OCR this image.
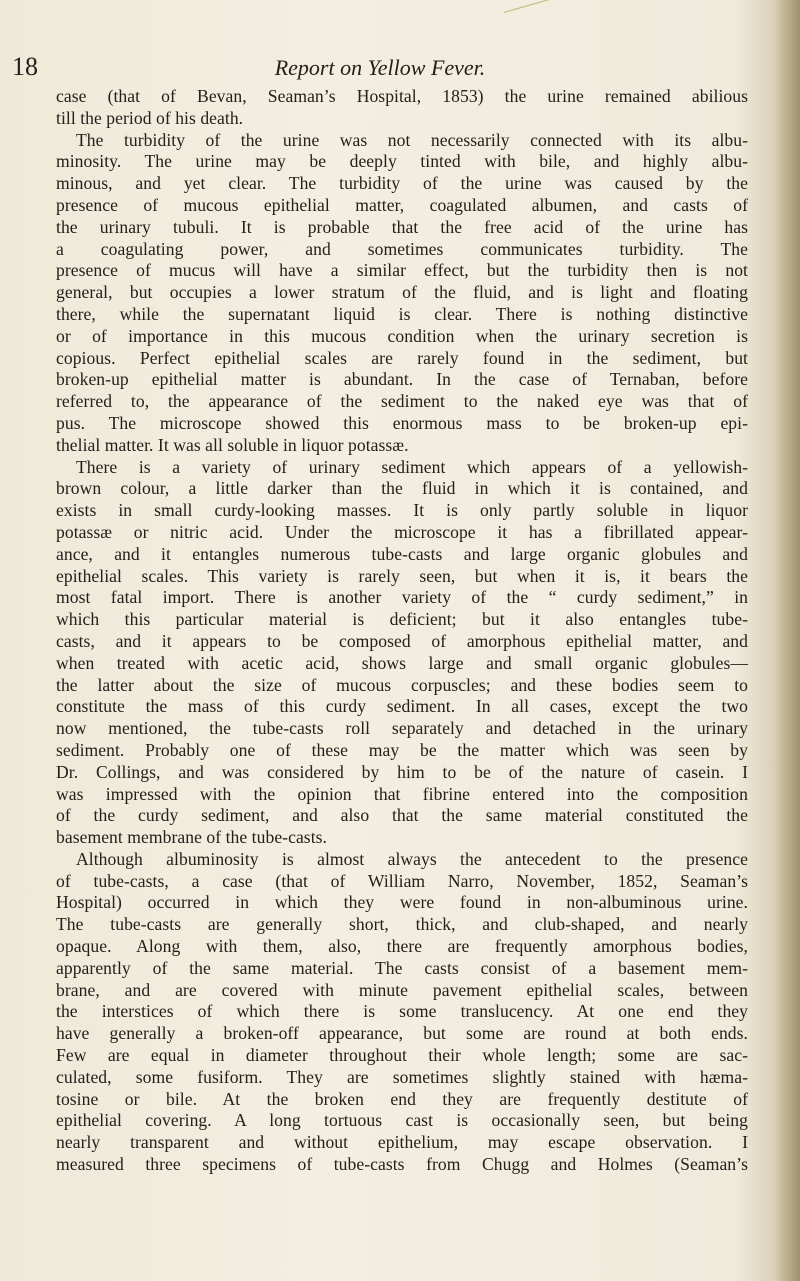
18	Report on Yellow Fever.
case (that of Bevan, Seaman’s Hospital, 1853) the urine remained abilious
till the period of his death.
The turbidity of the urine was not necessarily connected with its albu-
minosity. The urine may be deeply tinted with bile, and highly albu-
minous, and yet clear. The turbidity of the urine was caused by the
presence of mucous epithelial matter, coagulated albumen, and casts of
the urinary tubuli. It is probable that the free acid of the urine has
a coagulating power, and sometimes communicates turbidity. The
presence of mucus will have a similar effect, but the turbidity then is not
general, but occupies a lower stratum of the fluid, and is light and floating
there, while the supernatant liquid is clear. There is nothing distinctive
or of importance in this mucous condition when the urinary secretion is
copious. Perfect epithelial scales are rarely found in the sediment, but
broken-up epithelial matter is abundant. In the case of Ternaban, before
referred to, the appearance of the sediment to the naked eye was that of
pus. The microscope showed this enormous mass to be broken-up epi-
thelial matter. It was all soluble in liquor potassæ.
There is a variety of urinary sediment which appears of a yellowish-
brown colour, a little darker than the fluid in which it is contained, and
exists in small curdy-looking masses. It is only partly soluble in liquor
potassæ or nitric acid. Under the microscope it has a fibrillated appear-
ance, and it entangles numerous tube-casts and large organic globules and
epithelial scales. This variety is rarely seen, but when it is, it bears the
most fatal import. There is another variety of the “ curdy sediment,” in
which this particular material is deficient; but it also entangles tube-
casts, and it appears to be composed of amorphous epithelial matter, and
when treated with acetic acid, shows large and small organic globules—
the latter about the size of mucous corpuscles; and these bodies seem to
constitute the mass of this curdy sediment. In all cases, except the two
now mentioned, the tube-casts roll separately and detached in the urinary
sediment. Probably one of these may be the matter which was seen by
Dr. Collings, and was considered by him to be of the nature of casein. I
was impressed with the opinion that fibrine entered into the composition
of the curdy sediment, and also that the same material constituted the
basement membrane of the tube-casts.
Although albuminosity is almost always the antecedent to the presence
of tube-casts, a case (that of William Narro, November, 1852, Seaman’s
Hospital) occurred in which they were found in non-albuminous urine.
The tube-casts are generally short, thick, and club-shaped, and nearly
opaque. Along with them, also, there are frequently amorphous bodies,
apparently of the same material. The casts consist of a basement mem-
brane, and are covered with minute pavement epithelial scales, between
the interstices of which there is some translucency. At one end they
have generally a broken-off appearance, but some are round at both ends.
Few are equal in diameter throughout their whole length; some are sac-
culated, some fusiform. They are sometimes slightly stained with hæma-
tosine or bile. At the broken end they are frequently destitute of
epithelial covering. A long tortuous cast is occasionally seen, but being
nearly transparent and without epithelium, may escape observation. I
measured three specimens of tube-casts from Chugg and Holmes (Seaman’s
